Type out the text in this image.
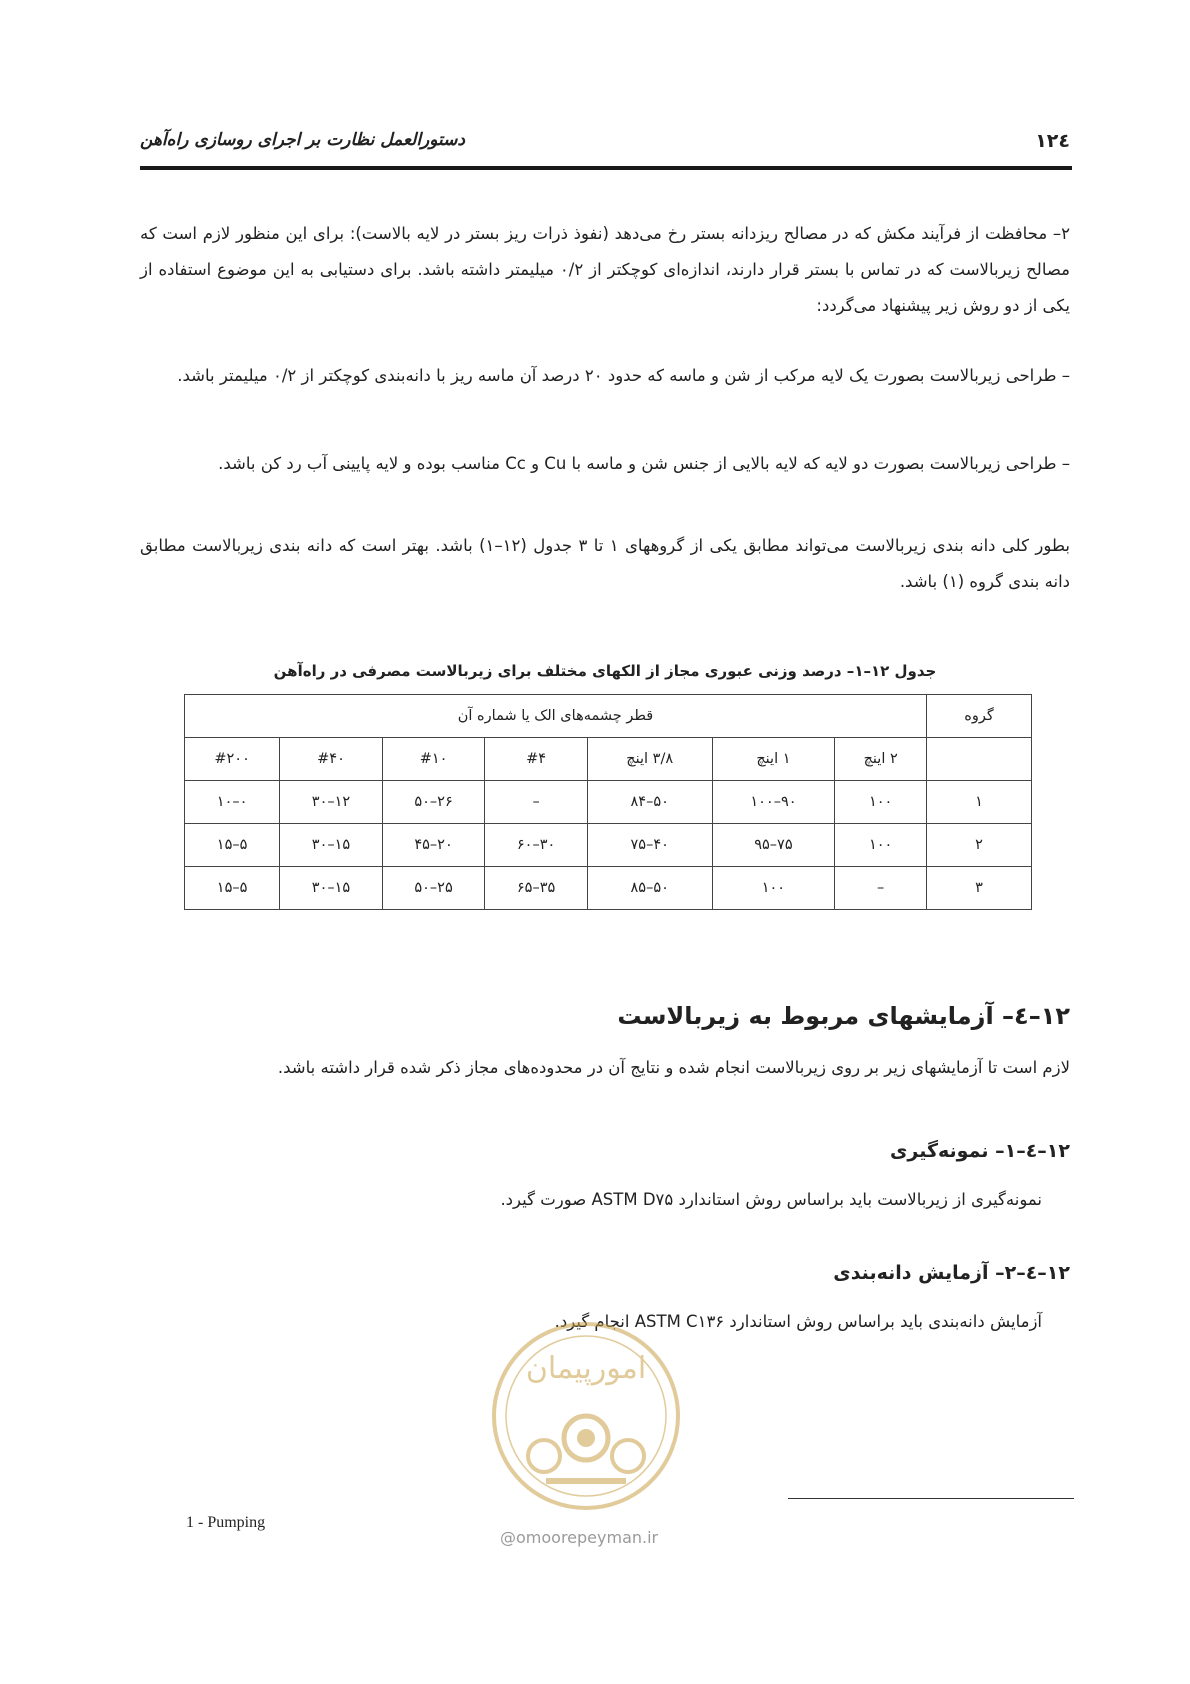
۱۲٤
دستورالعمل نظارت بر اجرای روسازی راه‌آهن
۲– محافظت از فرآیند مکش که در مصالح ریزدانه بستر رخ می‌دهد (نفوذ ذرات ریز بستر در لایه بالاست): برای این منظور لازم است که مصالح زیربالاست که در تماس با بستر قرار دارند، اندازه‌ای کوچکتر از ۰/۲ میلیمتر داشته باشد. برای دستیابی به این موضوع استفاده از یکی از دو روش زیر پیشنهاد می‌گردد:
– طراحی زیربالاست بصورت یک لایه مرکب از شن و ماسه که حدود ۲۰ درصد آن ماسه ریز با دانه‌بندی کوچکتر از ۰/۲ میلیمتر باشد.
– طراحی زیربالاست بصورت دو لایه که لایه بالایی از جنس شن و ماسه با Cu و Cc مناسب بوده و لایه پایینی آب رد کن باشد.
بطور کلی دانه بندی زیربالاست می‌تواند مطابق یکی از گروههای ۱ تا ۳ جدول (۱۲–۱) باشد. بهتر است که دانه بندی زیربالاست مطابق دانه بندی گروه (۱) باشد.
جدول ۱۲–۱– درصد وزنی عبوری مجاز از الکهای مختلف برای زیربالاست مصرفی در راه‌آهن
گروه	قطر چشمه‌های الک یا شماره آن						
	۲ اینچ	۱ اینچ	۳/۸ اینچ	#۴	#۱۰	#۴۰	#۲۰۰
۱	۱۰۰	۹۰–۱۰۰	۵۰–۸۴	–	۲۶–۵۰	۱۲–۳۰	۰–۱۰
۲	۱۰۰	۷۵–۹۵	۴۰–۷۵	۳۰–۶۰	۲۰–۴۵	۱۵–۳۰	۵–۱۵
۳	–	۱۰۰	۵۰–۸۵	۳۵–۶۵	۲۵–۵۰	۱۵–۳۰	۵–۱۵
۱۲–٤– آزمایشهای مربوط به زیربالاست
لازم است تا آزمایشهای زیر بر روی زیربالاست انجام شده و نتایج آن در محدوده‌های مجاز ذکر شده قرار داشته باشد.
۱۲–٤–۱– نمونه‌گیری
نمونه‌گیری از زیربالاست باید براساس روش استاندارد ASTM D۷۵ صورت گیرد.
۱۲–٤–۲– آزمایش دانه‌بندی
آزمایش دانه‌بندی باید براساس روش استاندارد ASTM C۱۳۶ انجام گیرد.
امورپیمان
@omoorepeyman.ir
1 - Pumping
